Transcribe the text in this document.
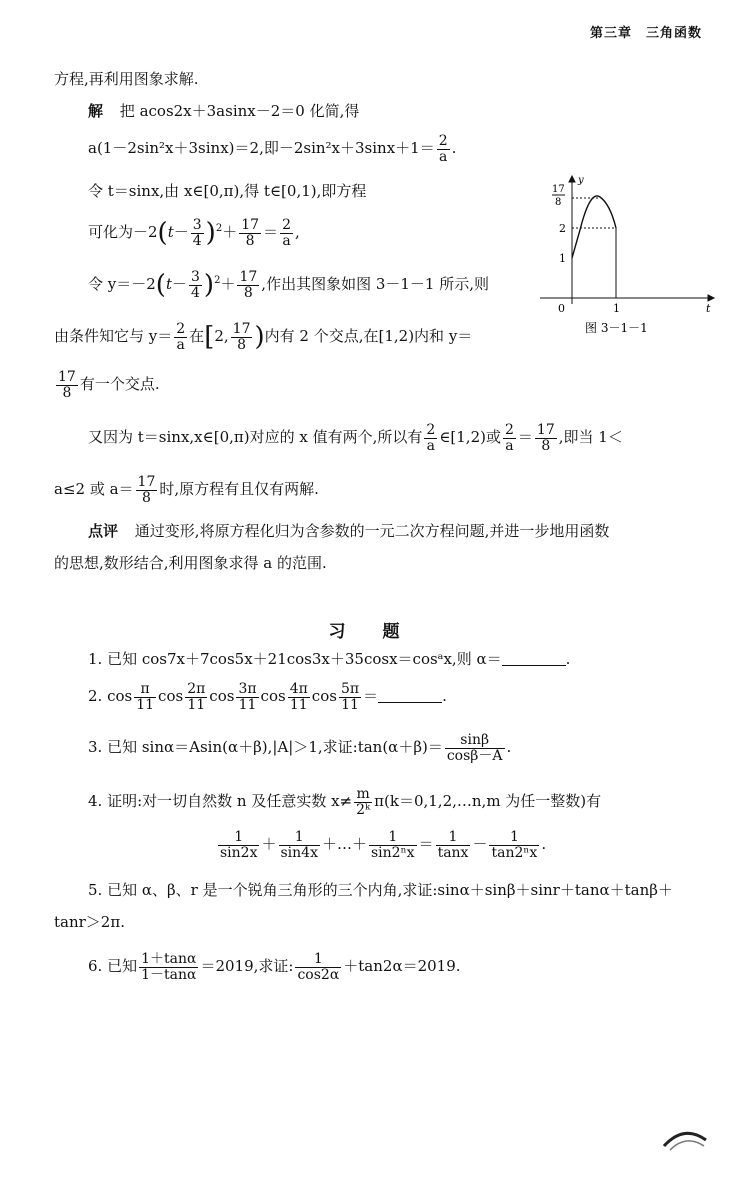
第三章　三角函数
方程,再利用图象求解.
解 把 acos2x＋3asinx－2＝0 化简,得
a(1－2sin²x＋3sinx)＝2,即$-2\sin^2x+3\sin x+1= \frac{2}{a}$ .
令 t＝sinx,由 x∈[0,π),得 t∈[0,1),即方程
可化为$-2(t- \frac{3}{4} )^2+ \frac{17}{8} = \frac{2}{a}$ ,
令 $y=-2(t- \frac{3}{4} )^2+ \frac{17}{8}$ ,作出其图象如图 3－1－1 所示,则
由条件知它与 $y= \frac{2}{a}$ 在[2, $\frac{17}{8}$ )内有 2 个交点,在[1,2)内和 y＝
$\frac{17}{8}$ 有一个交点.
又因为 t＝sinx,x∈[0,π)对应的 x 值有两个,所以有 $\frac{2}{a}$ ∈[1,2)或 $\frac{2}{a} = \frac{17}{8}$ ,即当 1＜
a≤2 或 $a= \frac{17}{8}$ 时,原方程有且仅有两解.
点评 通过变形,将原方程化归为含参数的一元二次方程问题,并进一步地用函数
的思想,数形结合,利用图象求得 a 的范围.
y
t
0	1
17
8
2
1
图 3－1－1
习　题
1. 已知 cos7x＋7cos5x＋21cos3x＋35cosx＝cosᵃx,则 α＝	.
2. $\cos \frac{\pi}{11}$ $\cos \frac{2\pi}{11}$ $\cos \frac{3\pi}{11}$ $\cos \frac{4\pi}{11}$ $\cos \frac{5\pi}{11}$ ＝	.
3. 已知 sinα＝Asin(α＋β),|A|＞1,求证:tan(α＋β)＝ $\frac{\sin\beta}{\cos\beta-A}$ .
4. 证明:对一切自然数 n 及任意实数 $x\ne \frac{m}{\text{2ᵏ}}$ π(k＝0,1,2,…n,m 为任一整数)有
$\frac{1}{\sin 2x} + \frac{1}{\sin 4x}$ ＋…＋ $\frac{1}{\text{sin2ⁿx}} = \frac{1}{\tan x} - \frac{1}{\text{tan2ⁿx}}$ .
5. 已知 α、β、r 是一个锐角三角形的三个内角,求证:sinα＋sinβ＋sinr＋tanα＋tanβ＋
tanr＞2π.
6. 已知 $\frac{1+\tan\alpha}{1-\tan\alpha} =2019$,求证: $\frac{1}{\cos 2\alpha} +\tan 2\alpha=2019$.
